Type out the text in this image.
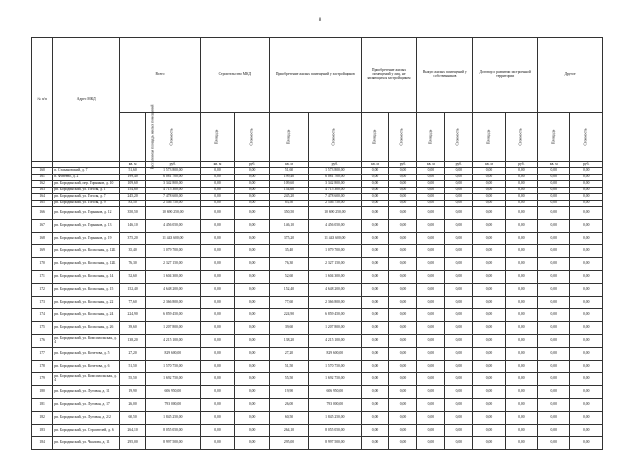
8
№ п/п	Адрес МКД	Всего		Строительство МКД		Приобретение жилых помещений у застройщиков		Приобретение жилых помещений у лиц, не являющихся застройщиком		Выкуп жилых помещений у собственников		Договор о развитии застроенной территории		Другое	
		Расселяемая площадь жилых помещений	Стоимость	Площадь	Стоимость	Площадь	Стоимость	Площадь	Стоимость	Площадь	Стоимость	Площадь	Стоимость	Площадь	Стоимость
		кв. м	руб.	кв. м	руб.	кв. м	руб.	кв. м	руб.	кв. м	руб.	кв. м	руб.	кв. м	руб.
160	п. Стахановский, д. 7	51,60	1 573 800,00	0,00	0,00	51,60	1 573 800,00	0,00	0,00	0,00	0,00	0,00	0,00	0,00	0,00
161	п. Фатеево, д. 2	199,40	6 081 700,00	0,00	0,00	199,40	6 081 700,00	0,00	0,00	0,00	0,00	0,00	0,00	0,00	0,00
162	рп. Бородинский, пер. Горняков, д. 10	109,60	3 342 800,00	0,00	0,00	109,60	3 342 800,00	0,00	0,00	0,00	0,00	0,00	0,00	0,00	0,00
163	рп. Бородинский, ул. Гоголя, д. 1	154,60	4 715 300,00	0,00	0,00	154,60	4 715 300,00	0,00	0,00	0,00	0,00	0,00	0,00	0,00	0,00
164	рп. Бородинский, ул. Гоголя, д. 7	245,20	7 478 600,00	0,00	0,00	245,20	7 478 600,00	0,00	0,00	0,00	0,00	0,00	0,00	0,00	0,00
165	рп. Бородинский, ул. Гоголя, д. 9	83,50	2 546 750,00	0,00	0,00	83,50	2 546 750,00	0,00	0,00	0,00	0,00	0,00	0,00	0,00	0,00
166	рп. Бородинский, ул. Горняков, д. 12	350,50	10 690 250,00	0,00	0,00	350,50	10 690 250,00	0,00	0,00	0,00	0,00	0,00	0,00	0,00	0,00
167	рп. Бородинский, ул. Горняков, д. 13	146,10	4 456 050,00	0,00	0,00	146,10	4 456 050,00	0,00	0,00	0,00	0,00	0,00	0,00	0,00	0,00
168	рп. Бородинский, ул. Горняков, д. 19	375,20	11 443 600,00	0,00	0,00	375,20	11 443 600,00	0,00	0,00	0,00	0,00	0,00	0,00	0,00	0,00
169	рп. Бородинский, ул. Колхозная, д. 12Б	35,40	1 079 700,00	0,00	0,00	35,40	1 079 700,00	0,00	0,00	0,00	0,00	0,00	0,00	0,00	0,00
170	рп. Бородинский, ул. Колхозная, д. 12Б	76,30	2 327 150,00	0,00	0,00	76,30	2 327 150,00	0,00	0,00	0,00	0,00	0,00	0,00	0,00	0,00
171	рп. Бородинский, ул. Колхозная, д. 14	52,60	1 604 300,00	0,00	0,00	52,60	1 604 300,00	0,00	0,00	0,00	0,00	0,00	0,00	0,00	0,00
172	рп. Бородинский, ул. Колхозная, д. 15	152,40	4 648 200,00	0,00	0,00	152,40	4 648 200,00	0,00	0,00	0,00	0,00	0,00	0,00	0,00	0,00
173	рп. Бородинский, ул. Колхозная, д. 22	77,60	2 366 800,00	0,00	0,00	77,60	2 366 800,00	0,00	0,00	0,00	0,00	0,00	0,00	0,00	0,00
174	рп. Бородинский, ул. Колхозная, д. 24	224,90	6 859 450,00	0,00	0,00	224,90	6 859 450,00	0,00	0,00	0,00	0,00	0,00	0,00	0,00	0,00
175	рп. Бородинский, ул. Колхозная, д. 26	39,60	1 207 800,00	0,00	0,00	39,60	1 207 800,00	0,00	0,00	0,00	0,00	0,00	0,00	0,00	0,00
176	рп. Бородинский, ул. Комсомольская, д. 4	138,20	4 215 100,00	0,00	0,00	138,20	4 215 100,00	0,00	0,00	0,00	0,00	0,00	0,00	0,00	0,00
177	рп. Бородинский, ул. Кочетова, д. 5	27,20	829 600,00	0,00	0,00	27,20	829 600,00	0,00	0,00	0,00	0,00	0,00	0,00	0,00	0,00
178	рп. Бородинский, ул. Кочетова, д. 6	51,50	1 570 750,00	0,00	0,00	51,50	1 570 750,00	0,00	0,00	0,00	0,00	0,00	0,00	0,00	0,00
179	рп. Бородинский, ул. Комсомольская, д. 4	55,50	1 692 750,00	0,00	0,00	55,50	1 692 750,00	0,00	0,00	0,00	0,00	0,00	0,00	0,00	0,00
180	рп. Бородинский, ул. Лутовая, д. 11	19,90	606 950,00	0,00	0,00	19,90	606 950,00	0,00	0,00	0,00	0,00	0,00	0,00	0,00	0,00
181	рп. Бородинский, ул. Лутовая, д. 17	26,00	793 000,00	0,00	0,00	26,00	793 000,00	0,00	0,00	0,00	0,00	0,00	0,00	0,00	0,00
182	рп. Бородинский, ул. Лутовая, д. 2/2	60,50	1 845 250,00	0,00	0,00	60,50	1 845 250,00	0,00	0,00	0,00	0,00	0,00	0,00	0,00	0,00
183	рп. Бородинский, ул. Строителей, д. 6	264,10	8 055 050,00	0,00	0,00	264,10	8 055 050,00	0,00	0,00	0,00	0,00	0,00	0,00	0,00	0,00
184	рп. Бородинский, ул. Чкалова, д. 11	295,00	8 997 500,00	0,00	0,00	295,00	8 997 500,00	0,00	0,00	0,00	0,00	0,00	0,00	0,00	0,00
